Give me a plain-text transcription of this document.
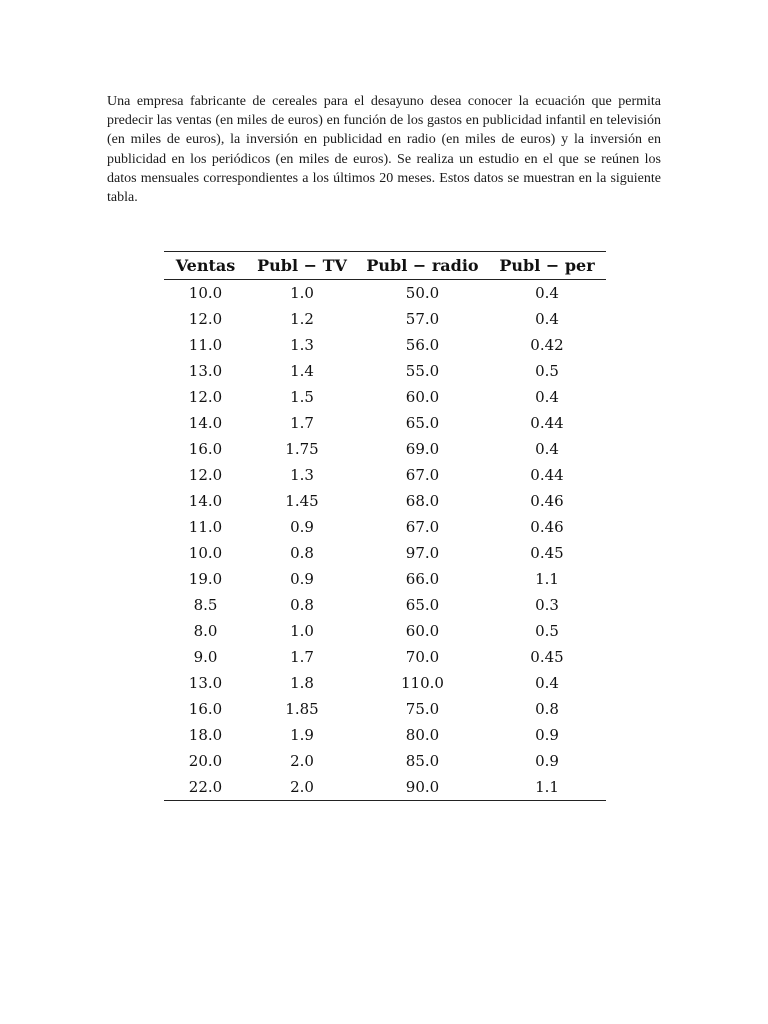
Una empresa fabricante de cereales para el desayuno desea conocer la ecuación que permita predecir las ventas (en miles de euros) en función de los gastos en publicidad infantil en televisión (en miles de euros), la inversión en publicidad en radio (en miles de euros) y la inversión en publicidad en los periódicos (en miles de euros). Se realiza un estudio en el que se reúnen los datos mensuales correspondientes a los últimos 20 meses. Estos datos se muestran en la siguiente tabla.

Ventas	Publ − TV	Publ − radio	Publ − per
10.0	1.0	50.0	0.4
12.0	1.2	57.0	0.4
11.0	1.3	56.0	0.42
13.0	1.4	55.0	0.5
12.0	1.5	60.0	0.4
14.0	1.7	65.0	0.44
16.0	1.75	69.0	0.4
12.0	1.3	67.0	0.44
14.0	1.45	68.0	0.46
11.0	0.9	67.0	0.46
10.0	0.8	97.0	0.45
19.0	0.9	66.0	1.1
8.5	0.8	65.0	0.3
8.0	1.0	60.0	0.5
9.0	1.7	70.0	0.45
13.0	1.8	110.0	0.4
16.0	1.85	75.0	0.8
18.0	1.9	80.0	0.9
20.0	2.0	85.0	0.9
22.0	2.0	90.0	1.1
